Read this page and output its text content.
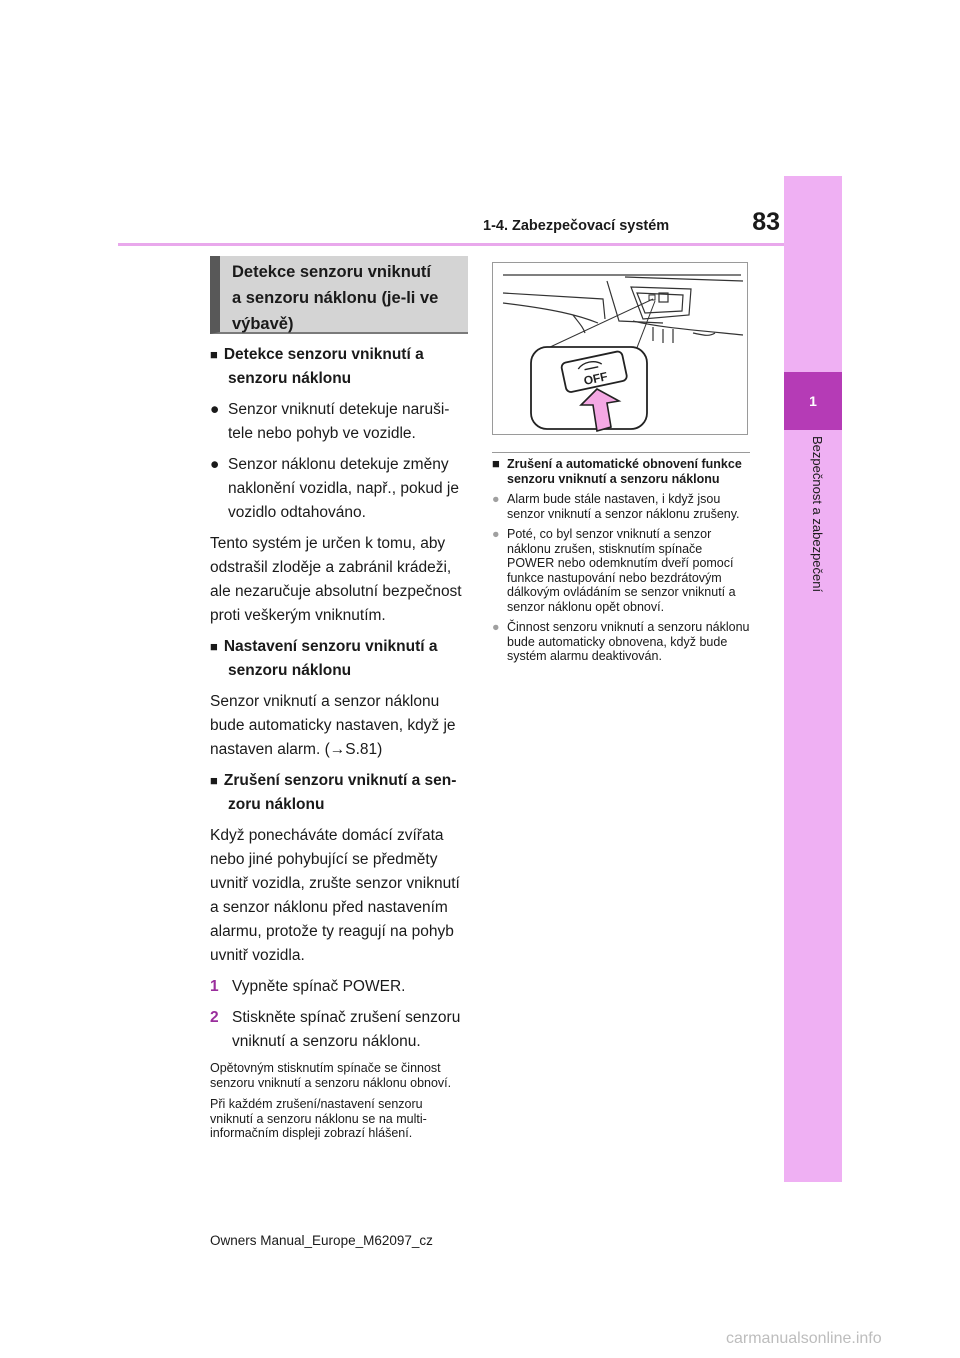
83
1-4. Zabezpečovací systém
1
Bezpečnost a zabezpečení
Detekce senzoru vniknutí
a senzoru náklonu (je-li ve
výbavě)

■ Detekce senzoru vniknutí a senzoru náklonu

● Senzor vniknutí detekuje narušitele nebo pohyb ve vozidle.

● Senzor náklonu detekuje změny naklonění vozidla, např., pokud je vozidlo odtahováno.

Tento systém je určen k tomu, aby odstrašil zloděje a zabránil krádeži, ale nezaručuje absolutní bezpečnost proti veškerým vniknutím.

■ Nastavení senzoru vniknutí a senzoru náklonu

Senzor vniknutí a senzor náklonu bude automaticky nastaven, když je nastaven alarm. (→S.81)

■ Zrušení senzoru vniknutí a senzoru náklonu

Když ponecháváte domácí zvířata nebo jiné pohybující se předměty uvnitř vozidla, zrušte senzor vniknutí a senzor náklonu před nastavením alarmu, protože ty reagují na pohyb uvnitř vozidla.

1 Vypněte spínač POWER.

2 Stiskněte spínač zrušení senzoru vniknutí a senzoru náklonu.

Opětovným stisknutím spínače se činnost senzoru vniknutí a senzoru náklonu obnoví.

Při každém zrušení/nastavení senzoru vniknutí a senzoru náklonu se na multiinformačním displeji zobrazí hlášení.

OFF

■ Zrušení a automatické obnovení funkce senzoru vniknutí a senzoru náklonu

● Alarm bude stále nastaven, i když jsou senzor vniknutí a senzor náklonu zrušeny.

● Poté, co byl senzor vniknutí a senzor náklonu zrušen, stisknutím spínače POWER nebo odemknutím dveří pomocí funkce nastupování nebo bezdrátovým dálkovým ovládáním se senzor vniknutí a senzor náklonu opět obnoví.

● Činnost senzoru vniknutí a senzoru náklonu bude automaticky obnovena, když bude systém alarmu deaktivován.

Owners Manual_Europe_M62097_cz
carmanualsonline.info
